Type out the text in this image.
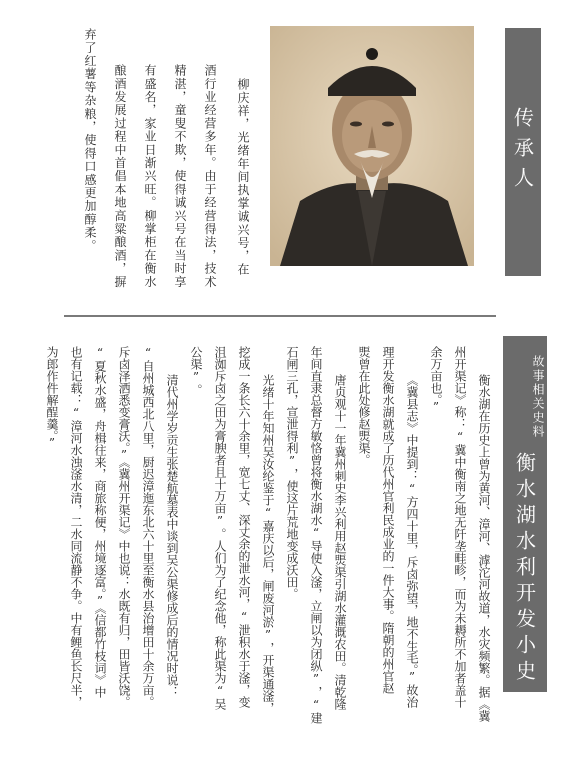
传承人
柳庆祥，光绪年间执掌诚兴号，在
酒行业经营多年。由于经营得法，技术
精湛，童叟不欺，使得诚兴号在当时享
有盛名，家业日渐兴旺。柳掌柜在衡水
酿酒发展过程中首倡本地高粱酿酒，摒
弃了红薯等杂粮，使得口感更加醇柔。
故事相关史料
衡水湖水利开发小史
衡水湖在历史上曾为黄河、漳河、滹沱河故道，水灾频繁。据《冀
州开渠记》称：“冀中衡南之地无阡垄畦畛，而为未耨所不加者盖十
余万亩也。”
《冀县志》中提到：“方四十里，斥卤弥望，地不生毛。”故治
理开发衡水湖就成了历代州官利民成业的一件大事。隋朝的州官赵
煚曾在此处修赵煚渠。
唐贞观十一年冀州刺史李兴利用赵煚渠引湖水灌溉农田。清乾隆
年间直隶总督方敏恪曾将衡水湖水“导使入滏，立闸以为闭纵”，“建
石闸三孔，宣泄得利”，使这片荒地变成沃田。
光绪十年知州吴汝纶鉴于“嘉庆以后，闸废河淤”，开渠通滏，
挖成一条长六十余里，宽七丈、深丈余的泄水河，“泄积水于滏，变
沮洳斥卤之田为膏腴者且十万亩”。人们为了纪念他，称此渠为“吴
公渠”。
清代州学岁贡生张楚航墓表中谈到吴公渠修成后的情况时说：
“自州城西北八里，厨迟漳迤东北六十里至衡水县治增田十余万亩。
斥卤泽洒悉变膏沃。”《冀州开渠记》中也说：水既有归，田皆沃饶。
“夏秋水盛，舟楫往来，商旅称便，州境逐富。”《信都竹枝词》中
也有记载：“漳河水浊滏水清，二水同流静不争。中有鲤鱼长尺半，
为郎作件解酲羹。”
